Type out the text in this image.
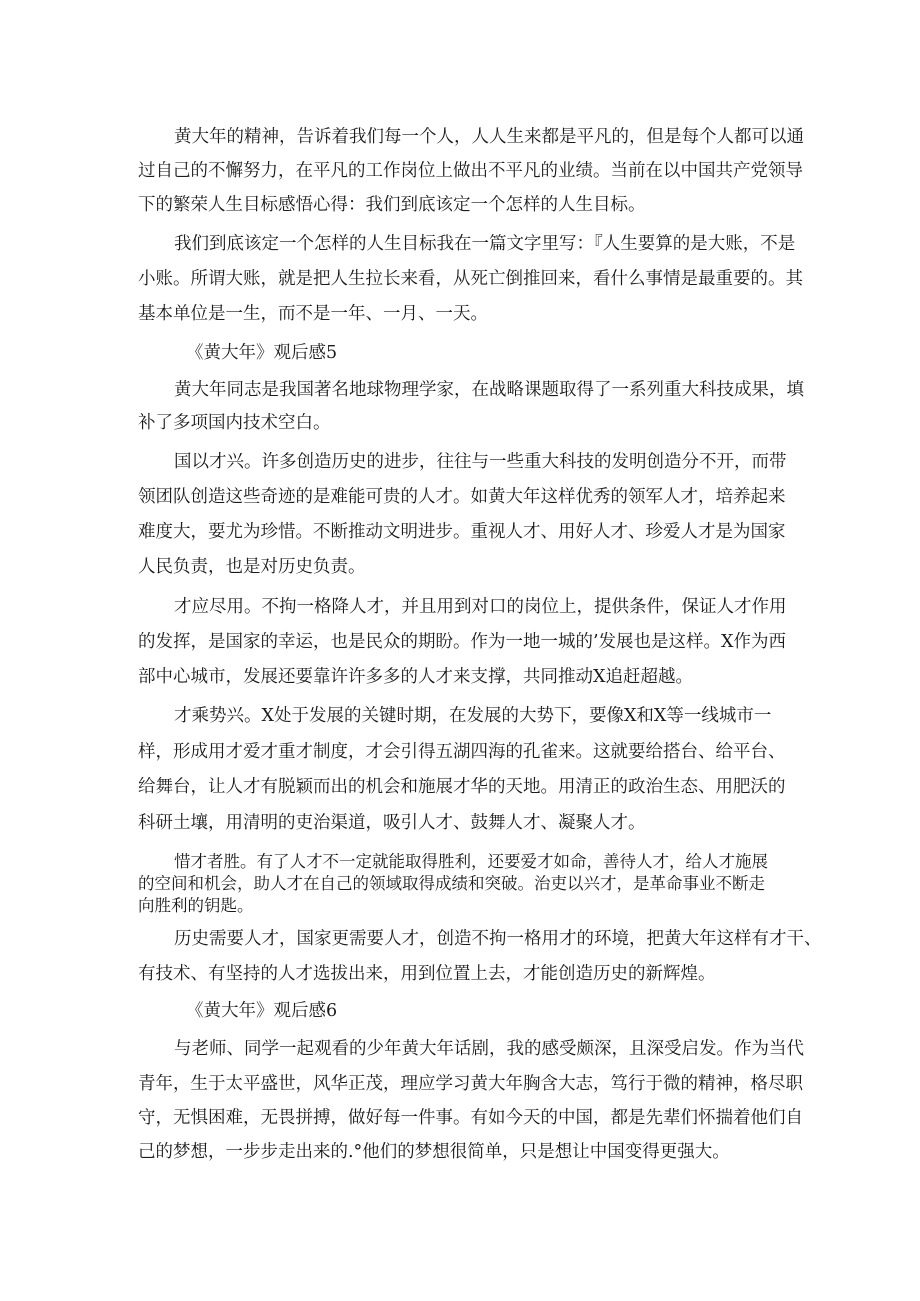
黄大年的精神，告诉着我们每一个人，人人生来都是平凡的，但是每个人都可以通
过自己的不懈努力，在平凡的工作岗位上做出不平凡的业绩。当前在以中国共产党领导
下的繁荣人生目标感悟心得：我们到底该定一个怎样的人生目标。
我们到底该定一个怎样的人生目标我在一篇文字里写：『人生要算的是大账，不是
小账。所谓大账，就是把人生拉长来看，从死亡倒推回来，看什么事情是最重要的。其
基本单位是一生，而不是一年、一月、一天。
《黄大年》观后感5
黄大年同志是我国著名地球物理学家，在战略课题取得了一系列重大科技成果，填
补了多项国内技术空白。
国以才兴。许多创造历史的进步，往往与一些重大科技的发明创造分不开，而带
领团队创造这些奇迹的是难能可贵的人才。如黄大年这样优秀的领军人才，培养起来
难度大，要尤为珍惜。不断推动文明进步。重视人才、用好人才、珍爱人才是为国家
人民负责，也是对历史负责。
才应尽用。不拘一格降人才，并且用到对口的岗位上，提供条件，保证人才作用
的发挥，是国家的幸运，也是民众的期盼。作为一地一城的’发展也是这样。X作为西
部中心城市，发展还要靠许许多多的人才来支撑，共同推动X追赶超越。
才乘势兴。X处于发展的关键时期，在发展的大势下，要像X和X等一线城市一
样，形成用才爱才重才制度，才会引得五湖四海的孔雀来。这就要给搭台、给平台、
给舞台，让人才有脱颖而出的机会和施展才华的天地。用清正的政治生态、用肥沃的
科研土壤，用清明的吏治渠道，吸引人才、鼓舞人才、凝聚人才。
惜才者胜。有了人才不一定就能取得胜利，还要爱才如命，善待人才，给人才施展
的空间和机会，助人才在自己的领域取得成绩和突破。治吏以兴才，是革命事业不断走
向胜利的钥匙。
历史需要人才，国家更需要人才，创造不拘一格用才的环境，把黄大年这样有才干、
有技术、有坚持的人才选拔出来，用到位置上去，才能创造历史的新辉煌。
《黄大年》观后感6
与老师、同学一起观看的少年黄大年话剧，我的感受颇深，且深受启发。作为当代
青年，生于太平盛世，风华正茂，理应学习黄大年胸含大志，笃行于微的精神，格尽职
守，无惧困难，无畏拼搏，做好每一件事。有如今天的中国，都是先辈们怀揣着他们自
己的梦想，一步步走出来的.°他们的梦想很简单，只是想让中国变得更强大。
